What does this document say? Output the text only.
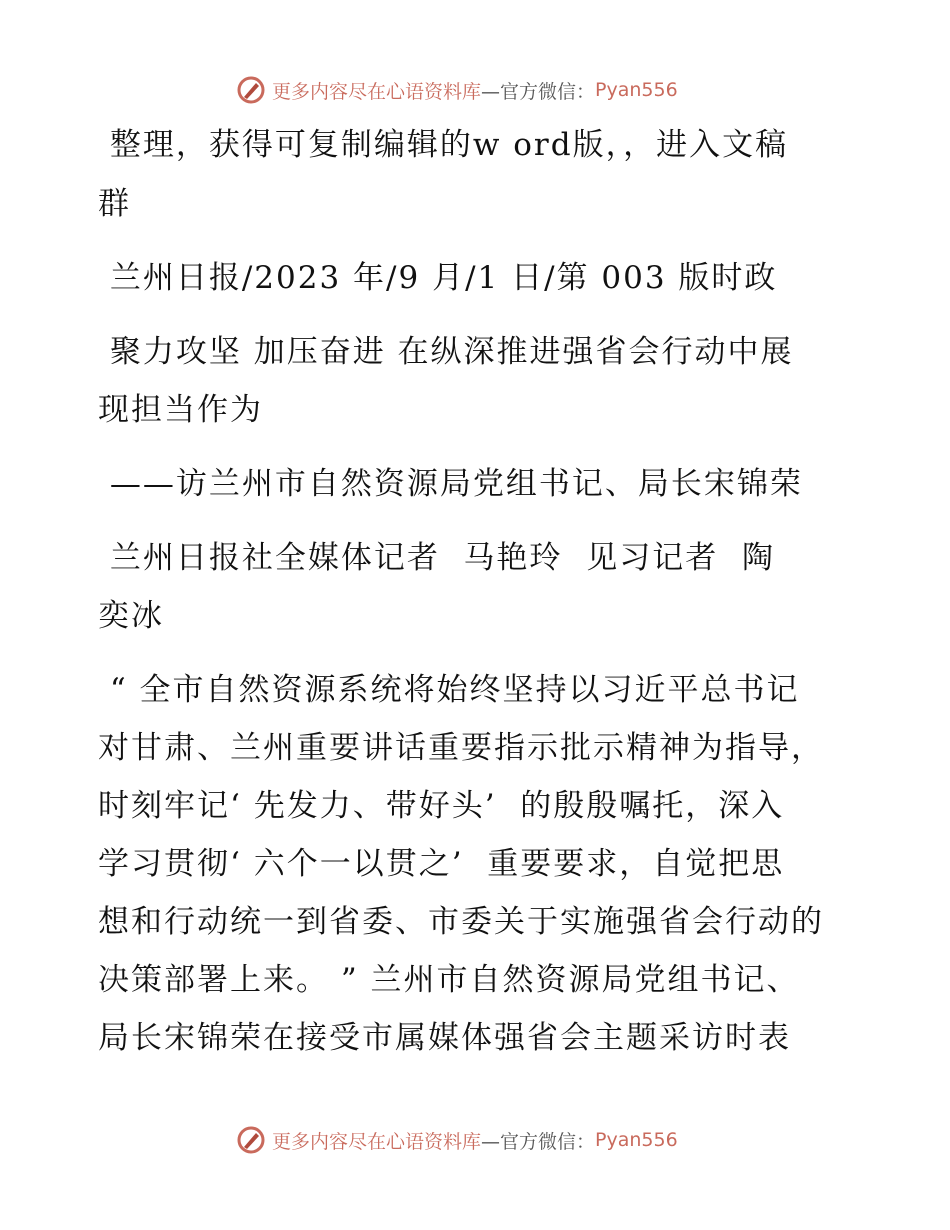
更多内容尽在心语资料库 —官方微信： Pyan556
整理，获得可复制编辑的w ord版，，进入文稿
群
兰州日报/2023 年/9 月/1 日/第 003 版时政
聚力攻坚 加压奋进 在纵深推进强省会行动中展
现担当作为
——访兰州市自然资源局党组书记、局长宋锦荣
兰州日报社全媒体记者  马艳玲  见习记者  陶
奕冰
“ 全市自然资源系统将始终坚持以习近平总书记
对甘肃、兰州重要讲话重要指示批示精神为指导，
时刻牢记‘ 先发力、带好头’  的殷殷嘱托，深入
学习贯彻‘ 六个一以贯之’  重要要求，自觉把思
想和行动统一到省委、市委关于实施强省会行动的
决策部署上来。 ” 兰州市自然资源局党组书记、
局长宋锦荣在接受市属媒体强省会主题采访时表
更多内容尽在心语资料库 —官方微信： Pyan556
